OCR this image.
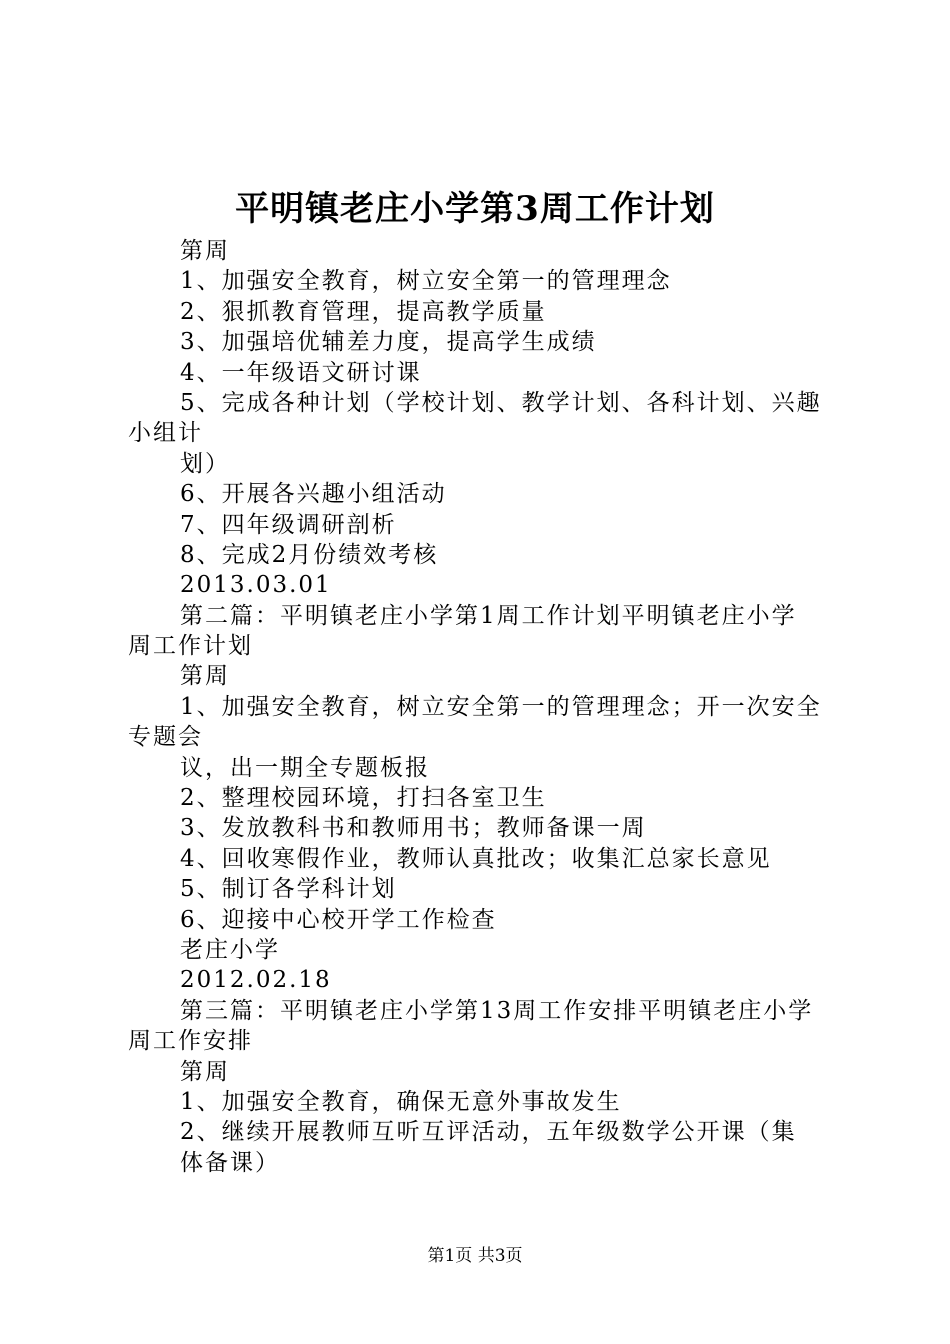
平明镇老庄小学第3周工作计划
第周
1、加强安全教育，树立安全第一的管理理念
2、狠抓教育管理，提高教学质量
3、加强培优辅差力度，提高学生成绩
4、一年级语文研讨课
5、完成各种计划（学校计划、教学计划、各科计划、兴趣
小组计
划）
6、开展各兴趣小组活动
7、四年级调研剖析
8、完成2月份绩效考核
2013.03.01
第二篇：平明镇老庄小学第1周工作计划平明镇老庄小学
周工作计划
第周
1、加强安全教育，树立安全第一的管理理念；开一次安全
专题会
议，出一期全专题板报
2、整理校园环境，打扫各室卫生
3、发放教科书和教师用书；教师备课一周
4、回收寒假作业，教师认真批改；收集汇总家长意见
5、制订各学科计划
6、迎接中心校开学工作检查
老庄小学
2012.02.18
第三篇：平明镇老庄小学第13周工作安排平明镇老庄小学
周工作安排
第周
1、加强安全教育，确保无意外事故发生
2、继续开展教师互听互评活动，五年级数学公开课（集
体备课）
第1页 共3页
